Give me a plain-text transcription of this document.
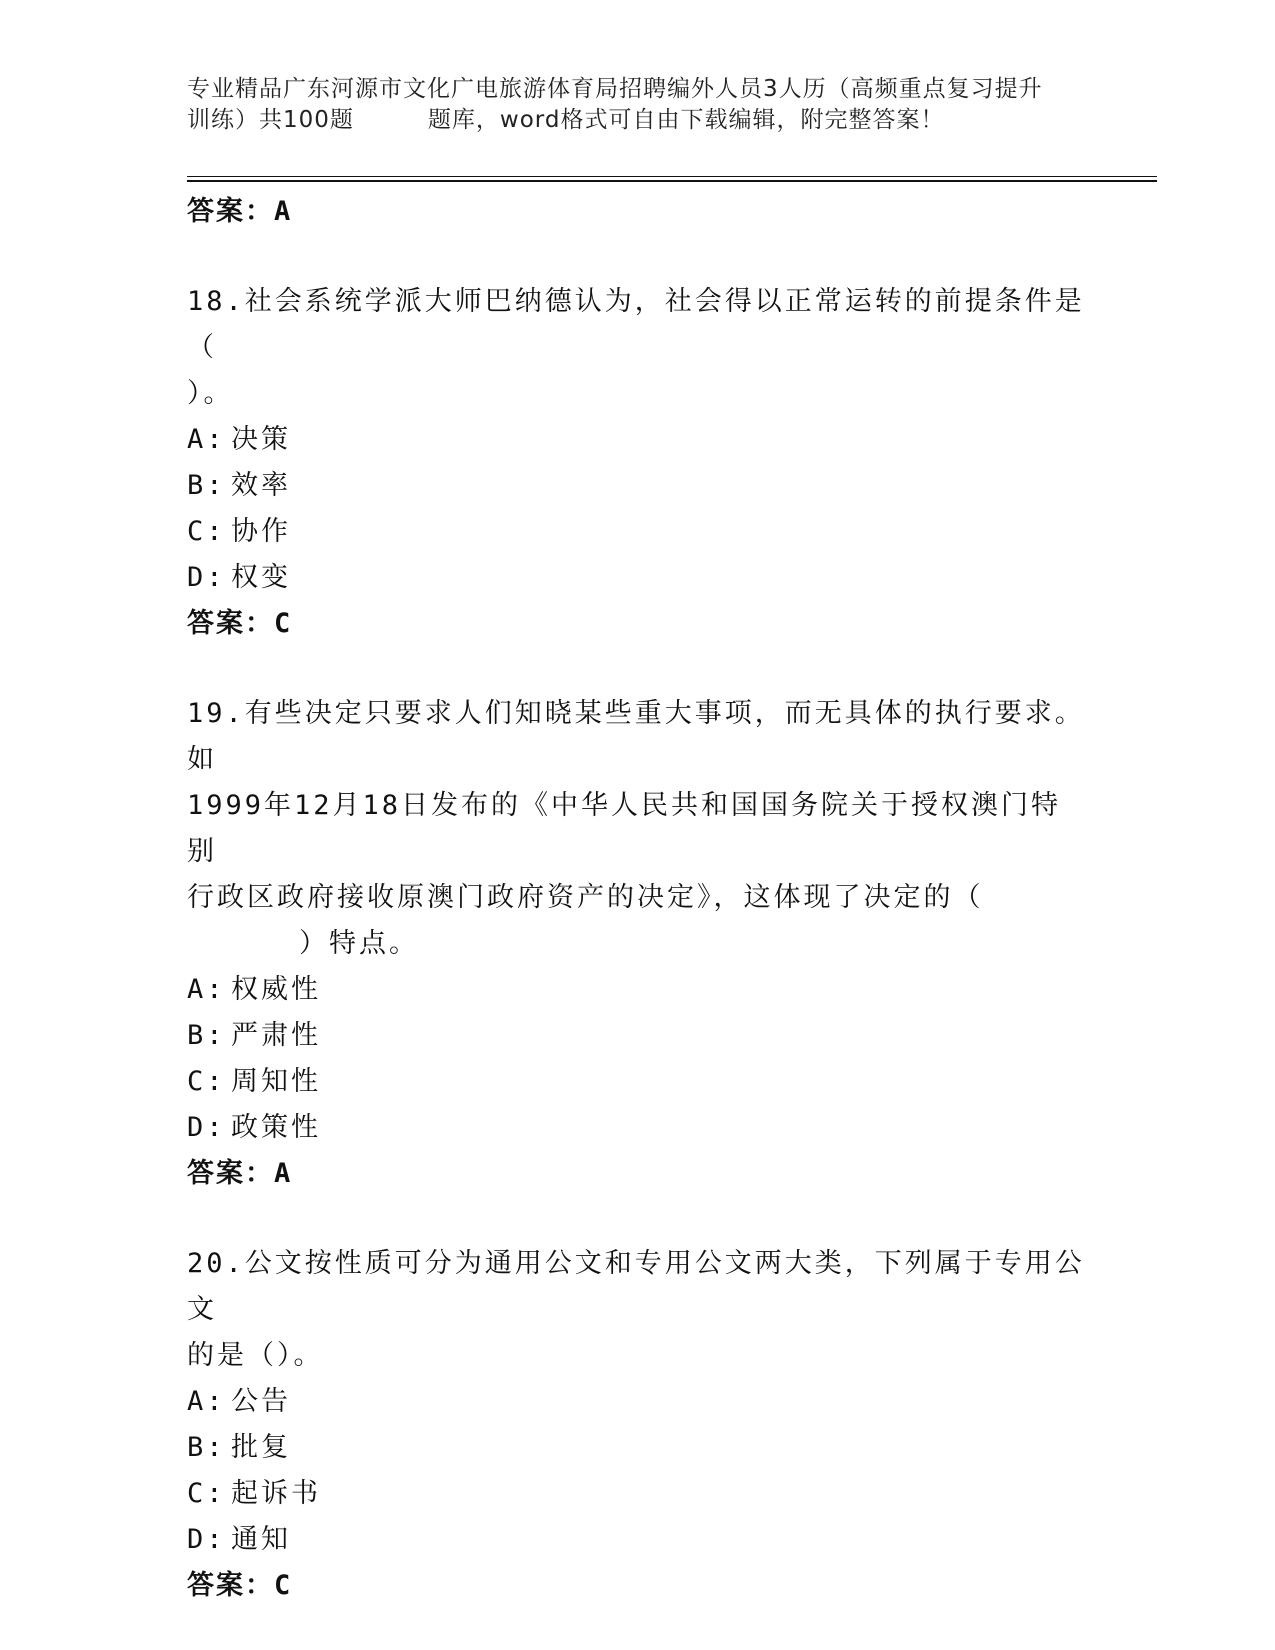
专业精品广东河源市文化广电旅游体育局招聘编外人员3人历（高频重点复习提升
训练）共100题	题库，word格式可自由下载编辑，附完整答案！
答案：A
18.社会系统学派大师巴纳德认为，社会得以正常运转的前提条件是（
）。
A: 决策
B: 效率
C: 协作
D: 权变
答案：C
19.有些决定只要求人们知晓某些重大事项，而无具体的执行要求。如
1999年12月18日发布的《中华人民共和国国务院关于授权澳门特别
行政区政府接收原澳门政府资产的决定》，这体现了决定的（
）特点。
A: 权威性
B: 严肃性
C: 周知性
D: 政策性
答案：A
20.公文按性质可分为通用公文和专用公文两大类，下列属于专用公文
的是（）。
A: 公告
B: 批复
C: 起诉书
D: 通知
答案：C
